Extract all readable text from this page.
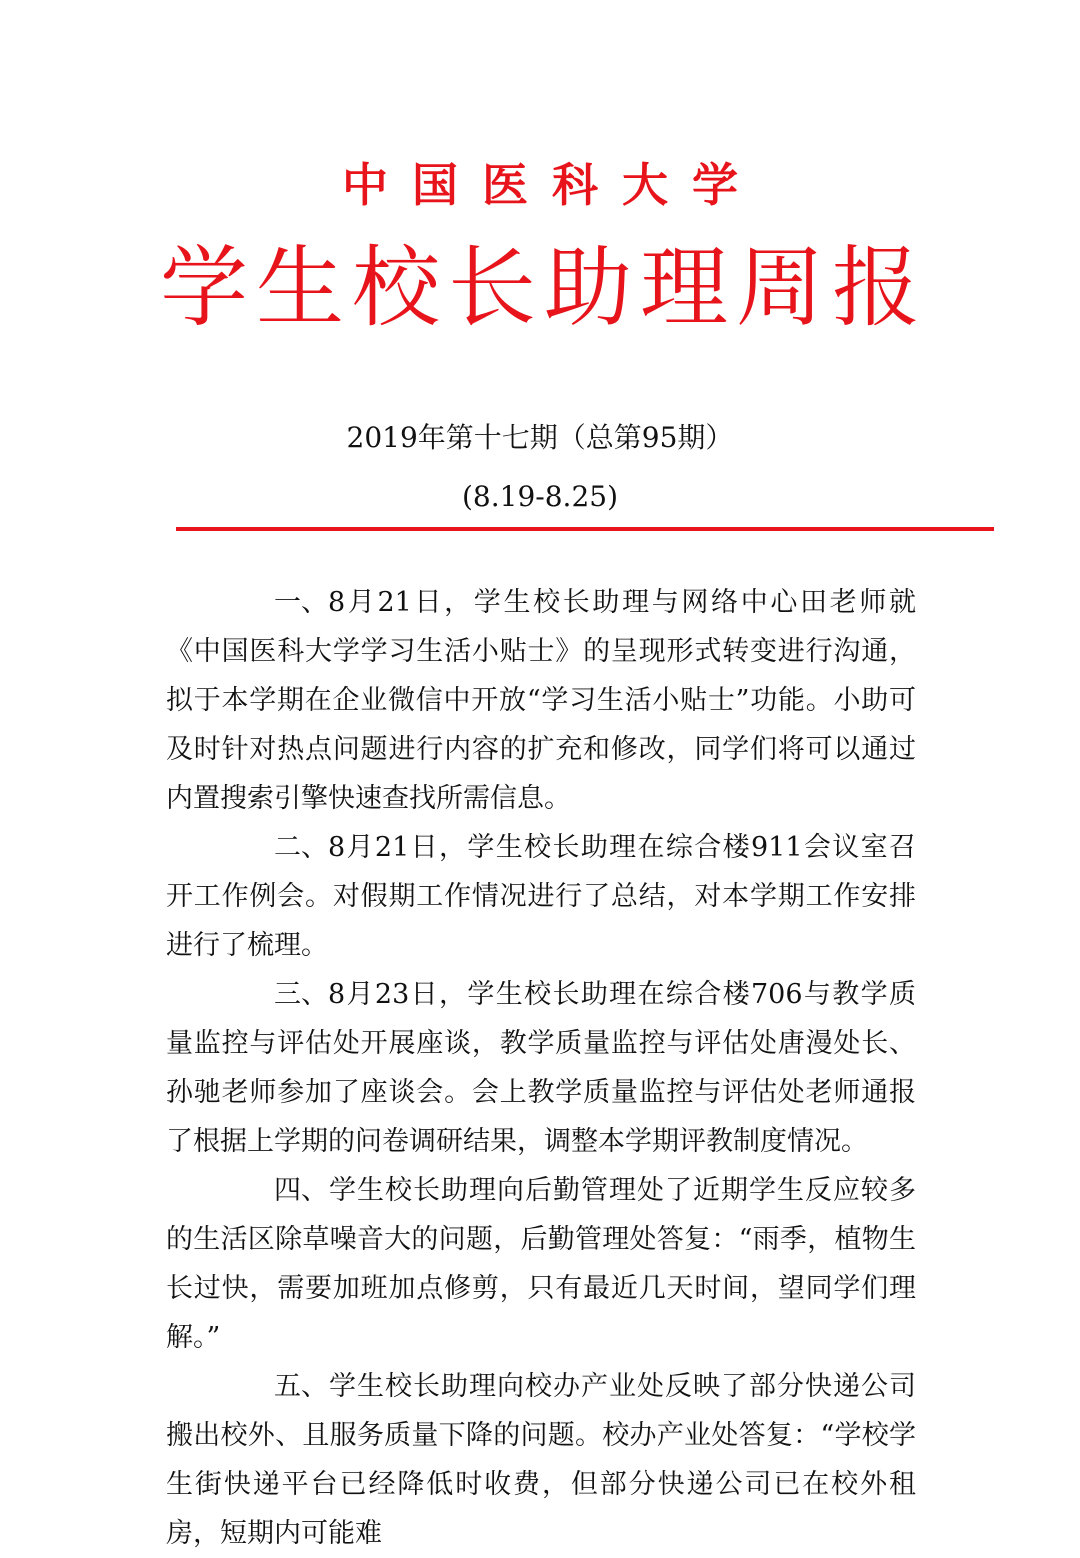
中国医科大学
学生校长助理周报
2019年第十七期（总第95期）
(8.19-8.25)

一、8月21日，学生校长助理与网络中心田老师就《中国医科大学学习生活小贴士》的呈现形式转变进行沟通，拟于本学期在企业微信中开放“学习生活小贴士”功能。小助可及时针对热点问题进行内容的扩充和修改，同学们将可以通过内置搜索引擎快速查找所需信息。

二、8月21日，学生校长助理在综合楼911会议室召开工作例会。对假期工作情况进行了总结，对本学期工作安排进行了梳理。

三、8月23日，学生校长助理在综合楼706与教学质量监控与评估处开展座谈，教学质量监控与评估处唐漫处长、孙驰老师参加了座谈会。会上教学质量监控与评估处老师通报了根据上学期的问卷调研结果，调整本学期评教制度情况。

四、学生校长助理向后勤管理处了近期学生反应较多的生活区除草噪音大的问题，后勤管理处答复：“雨季，植物生长过快，需要加班加点修剪，只有最近几天时间，望同学们理解。”

五、学生校长助理向校办产业处反映了部分快递公司搬出校外、且服务质量下降的问题。校办产业处答复：“学校学生街快递平台已经降低时收费，但部分快递公司已在校外租房，短期内可能难
